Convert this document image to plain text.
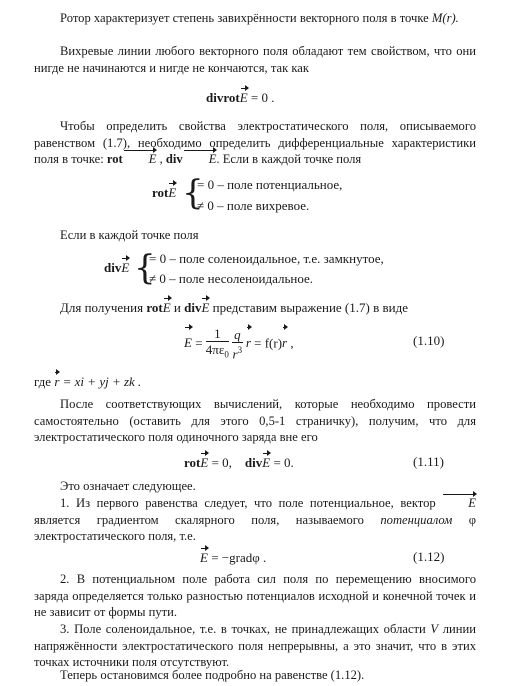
Ротор характеризует степень завихрённости векторного поля в точке M(r).

Вихревые линии любого векторного поля обладают тем свойством, что они нигде не начинаются и нигде не кончаются, так как

divrotE = 0 .

Чтобы определить свойства электростатического поля, описываемого равенством (1.7), необходимо определить дифференциальные характеристики поля в точке: rot E , div E. Если в каждой точке поля

rotE {
= 0 – поле потенциальное,
≠ 0 – поле вихревое.

Если в каждой точке поля

divE {
= 0 – поле соленоидальное, т.е. замкнутое,
≠ 0 – поле несоленоидальное.
Для получения rotE и divE представим выражение (1.7) в виде
$E = \frac{1}{4\pi\varepsilon_0}$
$\frac{q}{r^3}$ r = f(r)r ,	(1.10)
где r = xi + yj + zk .

После соответствующих вычислений, которые необходимо провести самостоятельно (оставить для этого 0,5-1 страничку), получим, что для электростатического поля одиночного заряда вне его

rotE = 0, divE = 0.	(1.11)

Это означает следующее.

1. Из первого равенства следует, что поле потенциальное, вектор	E является градиентом скалярного поля, называемого потенциалом φ электростатического поля, т.е.

E = −gradφ .	(1.12)

2. В потенциальном поле работа сил поля по перемещению вносимого заряда определяется только разностью потенциалов исходной и конечной точек и не зависит от формы пути.

3. Поле соленоидальное, т.е. в точках, не принадлежащих области V линии напряжённости электростатического поля непрерывны, а это значит, что в этих точках источники поля отсутствуют.

Теперь остановимся более подробно на равенстве (1.12).
